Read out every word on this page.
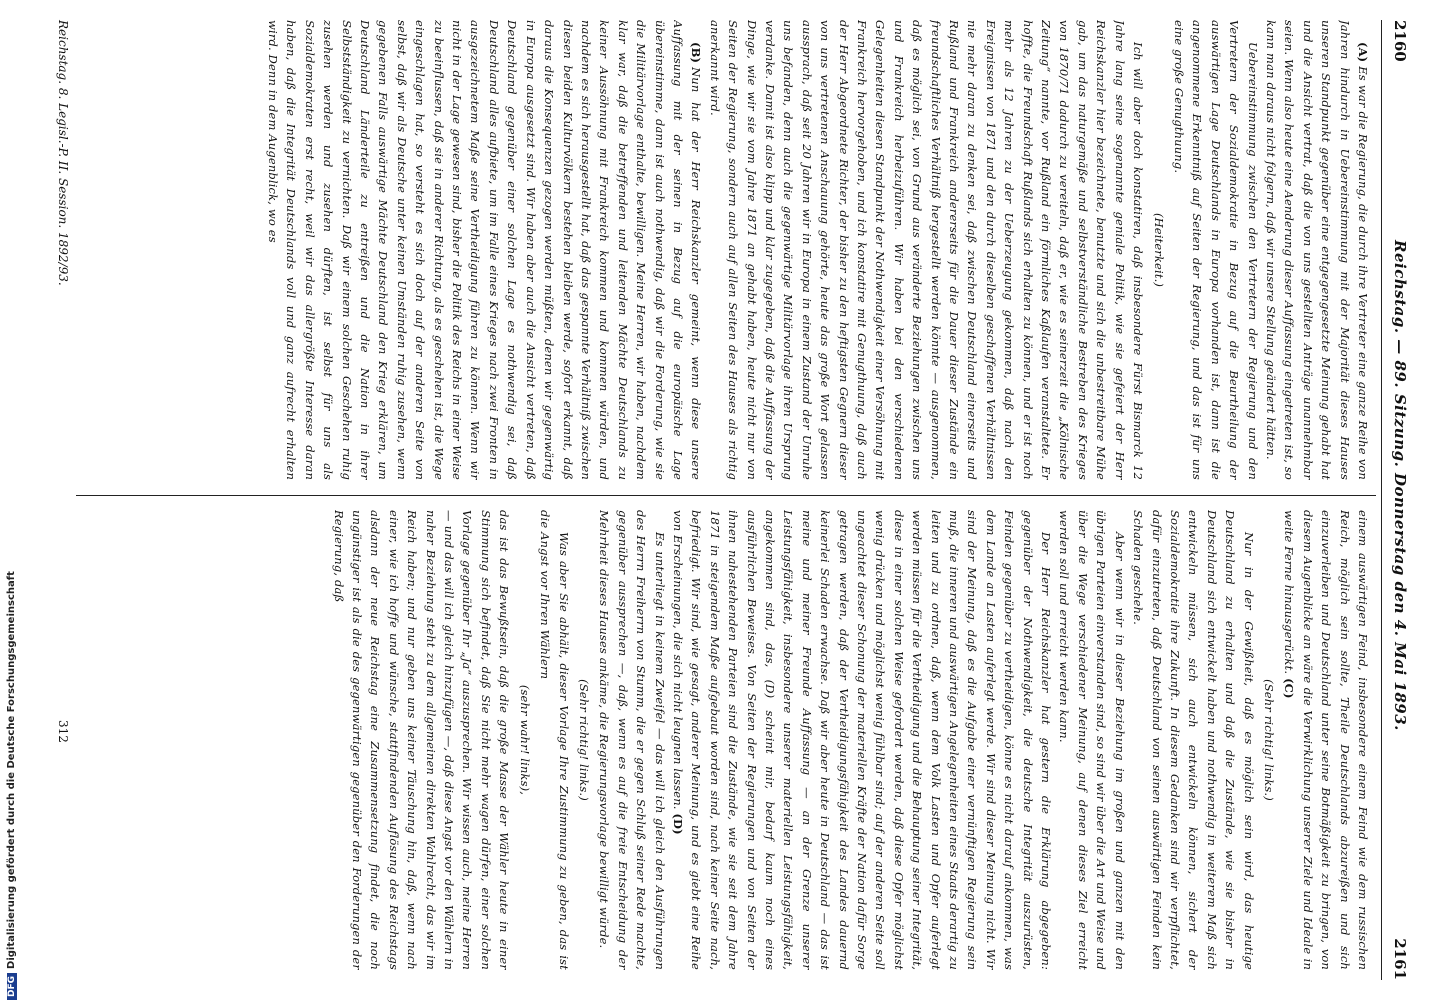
2160
Reichstag. — 89. Sitzung. Donnerstag den 4. Mai 1893.
2161

(A)Es war die Regierung, die durch ihre Vertreter eine ganze Reihe von Jahren hindurch in Uebereinstimmung mit der Majorität dieses Hauses unseren Standpunkt gegenüber eine entgegengesetzte Meinung gehabt hat und die Ansicht vertrat, daß die von uns gestellten Anträge unannehmbar seien. Wenn also heute eine Aenderung dieser Auffassung eingetreten ist, so kann man daraus nicht folgern, daß wir unsere Stellung geändert hätten.

Uebereinstimmung zwischen den Vertretern der Regierung und den Vertretern der Sozialdemokratie in Bezug auf die Beurtheilung der auswärtigen Lage Deutschlands in Europa vorhanden ist, dann ist die angenommene Erkenntniß auf Seiten der Regierung, und das ist für uns eine große Genugthuung.

(Heiterkeit.)

Ich will aber doch konstatiren, daß insbesondere Fürst Bismarck 12 Jahre lang seine sogenannte geniale Politik, wie sie gefeiert der Herr Reichskanzler hier bezeichnete, benutzte und sich die unbestreitbare Mühe gab, um das naturgemäße und selbstverständliche Bestreben des Krieges von 1870/71 dadurch zu vereiteln, daß er, wie es seinerzeit die „Kölnische Zeitung“ nannte, vor Rußland ein förmliches Kaßlaufen veranstaltete. Er hoffte, die Freundschaft Rußlands sich erhalten zu können, und er ist noch mehr als 12 Jahren zu der Ueberzeugung gekommen, daß nach den Ereignissen von 1871 und den durch dieselben geschaffenen Verhältnissen nie mehr daran zu denken sei, daß zwischen Deutschland einerseits und Rußland und Frankreich andererseits für die Dauer dieser Zustände ein freundschaftliches Verhältniß hergestellt werden könnte — ausgenommen, daß es möglich sei, von Grund aus veränderte Beziehungen zwischen uns und Frankreich herbeizuführen. Wir haben bei den verschiedenen Gelegenheiten diesen Standpunkt der Nothwendigkeit einer Versöhnung mit Frankreich hervorgehoben, und ich konstatire mit Genugthuung, daß auch der Herr Abgeordnete Richter, der bisher zu den heftigsten Gegnern dieser von uns vertretenen Anschauung gehörte, heute das große Wort gelassen aussprach, daß seit 20 Jahren wir in Europa in einem Zustand der Unruhe uns befanden, denn auch die gegenwärtige Militärvorlage ihren Ursprung verdanke. Damit ist also klipp und klar zugegeben, daß die Auffassung der Dinge, wie wir sie vom Jahre 1871 an gehabt haben, heute nicht nur von Seiten der Regierung, sondern auch auf allen Seiten des Hauses als richtig anerkannt wird.

(B)Nun hat der Herr Reichskanzler gemeint, wenn diese unsere Auffassung mit der seinen in Bezug auf die europäische Lage übereinstimme, dann ist auch nothwendig, daß wir die Forderung, wie sie die Militärvorlage enthalte, bewilligen. Meine Herren, wir haben, nachdem klar war, daß die betreffenden und leitenden Mächte Deutschlands zu keiner Aussöhnung mit Frankreich kommen und kommen würden, und nachdem es sich herausgestellt hat, daß das gespannte Verhältniß zwischen diesen beiden Kulturvölkern bestehen bleiben werde, sofort erkannt, daß daraus die Konsequenzen gezogen werden müßten, denen wir gegenwärtig in Europa ausgesetzt sind. Wir haben aber auch die Ansicht vertreten, daß Deutschland gegenüber einer solchen Lage es nothwendig sei, daß Deutschland alles aufbiete, um im Falle eines Krieges nach zwei Fronten in ausgezeichnetem Maße seine Vertheidigung führen zu können. Wenn wir nicht in der Lage gewesen sind, bisher die Politik des Reichs in einer Weise zu beeinflussen, daß sie in anderer Richtung, als es geschehen ist, die Wege eingeschlagen hat, so versteht es sich doch auf der anderen Seite von selbst, daß wir als Deutsche unter keinen Umständen ruhig zusehen, wenn gegebenen Falls auswärtige Mächte Deutschland den Krieg erklären, um Deutschland Länderteile zu entreißen und die Nation in ihrer Selbstständigkeit zu vernichten. Daß wir einem solchen Geschehen ruhig zusehen werden und zusehen dürften, ist selbst für uns als Sozialdemokraten erst recht, weil wir das allergrößte Interesse daran haben, daß die Integrität Deutschlands voll und ganz aufrecht erhalten wird. Denn in dem Augenblick, wo es

einem auswärtigen Feind, insbesondere einem Feind wie dem russischen Reich, möglich sein sollte, Theile Deutschlands abzureißen und sich einzuverleiben und Deutschland unter seine Botmäßigkeit zu bringen, von diesem Augenblicke an wäre die Verwirklichung unserer Ziele und Ideale in weite Ferne hinausgerückt. (C)

(Sehr richtig! links.)

Nur in der Gewißheit, daß es möglich sein wird, das heutige Deutschland zu erhalten und daß die Zustände, wie sie bisher in Deutschland sich entwickelt haben und nothwendig in weiterem Maß sich entwickeln müssen, sich auch entwickeln können, sichert der Sozialdemokratie ihre Zukunft. In diesem Gedanken sind wir verpflichtet, dafür einzutreten, daß Deutschland von seinen auswärtigen Feinden kein Schaden geschehe.

Aber wenn wir in dieser Beziehung im großen und ganzen mit den übrigen Parteien einverstanden sind, so sind wir über die Art und Weise und über die Wege verschiedener Meinung, auf denen dieses Ziel erreicht werden soll und erreicht werden kann.

Der Herr Reichskanzler hat gestern die Erklärung abgegeben: gegenüber der Nothwendigkeit, die deutsche Integrität auszurüsten, Feinden gegenüber zu vertheidigen, könne es nicht darauf ankommen, was dem Lande an Lasten auferlegt werde. Wir sind dieser Meinung nicht. Wir sind der Meinung, daß es die Aufgabe einer vernünftigen Regierung sein muß, die inneren und auswärtigen Angelegenheiten eines Staats derartig zu leiten und zu ordnen, daß, wenn dem Volk Lasten und Opfer auferlegt werden müssen für die Vertheidigung und die Behauptung seiner Integrität, diese in einer solchen Weise gefordert werden, daß diese Opfer möglichst wenig drücken und möglichst wenig fühlbar sind; auf der anderen Seite soll ungeachtet dieser Schonung der materiellen Kräfte der Nation dafür Sorge getragen werden, daß der Vertheidigungsfähigkeit des Landes dauernd keinerlei Schaden erwachse. Daß wir aber heute in Deutschland — das ist meine und meiner Freunde Auffassung — an der Grenze unserer Leistungsfähigkeit, insbesondere unserer materiellen Leistungsfähigkeit, angekommen sind, das, (D) scheint mir, bedarf kaum noch eines ausführlichen Beweises. Von Seiten der Regierungen und von Seiten der ihnen nahestehenden Parteien sind die Zustände, wie sie seit dem Jahre 1871 in steigendem Maße aufgebaut worden sind, nach keiner Seite nach, befriedigt. Wir sind, wie gesagt, anderer Meinung, und es giebt eine Reihe von Erscheinungen, die sich nicht leugnen lassen. (D)

Es unterliegt in keinem Zweifel — das will ich gleich den Ausführungen des Herrn Freiherrn von Stumm, die er gegen Schluß seiner Rede machte, gegenüber aussprechen —, daß, wenn es auf die freie Entscheidung der Mehrheit dieses Hauses ankäme, die Regierungsvorlage bewilligt würde.

(Sehr richtig! links.)

Was aber Sie abhält, dieser Vorlage Ihre Zustimmung zu geben, das ist die Angst vor Ihren Wählern

(sehr wahr! links),

das ist das Bewußtsein, daß die große Masse der Wähler heute in einer Stimmung sich befindet, daß Sie nicht mehr wagen dürfen, einer solchen Vorlage gegenüber Ihr „Ja“ auszusprechen. Wir wissen auch, meine Herren — und das will ich gleich hinzufügen —, daß diese Angst vor den Wählern in naher Beziehung steht zu dem allgemeinen direkten Wahlrecht, das wir im Reich haben; und nur geben uns keiner Täuschung hin, daß, wenn nach einer, wie ich hoffe und wünsche, stattfindenden Auflösung des Reichstags alsdann der neue Reichstag eine Zusammensetzung findet, die noch ungünstiger ist als die des gegenwärtigen gegenüber den Forderungen der Regierung, daß

Reichstag. 8. Legisl.-P. II. Session. 1892/93.
312
DFGDigitalisierung gefördert durch die Deutsche Forschungsgemeinschaft
